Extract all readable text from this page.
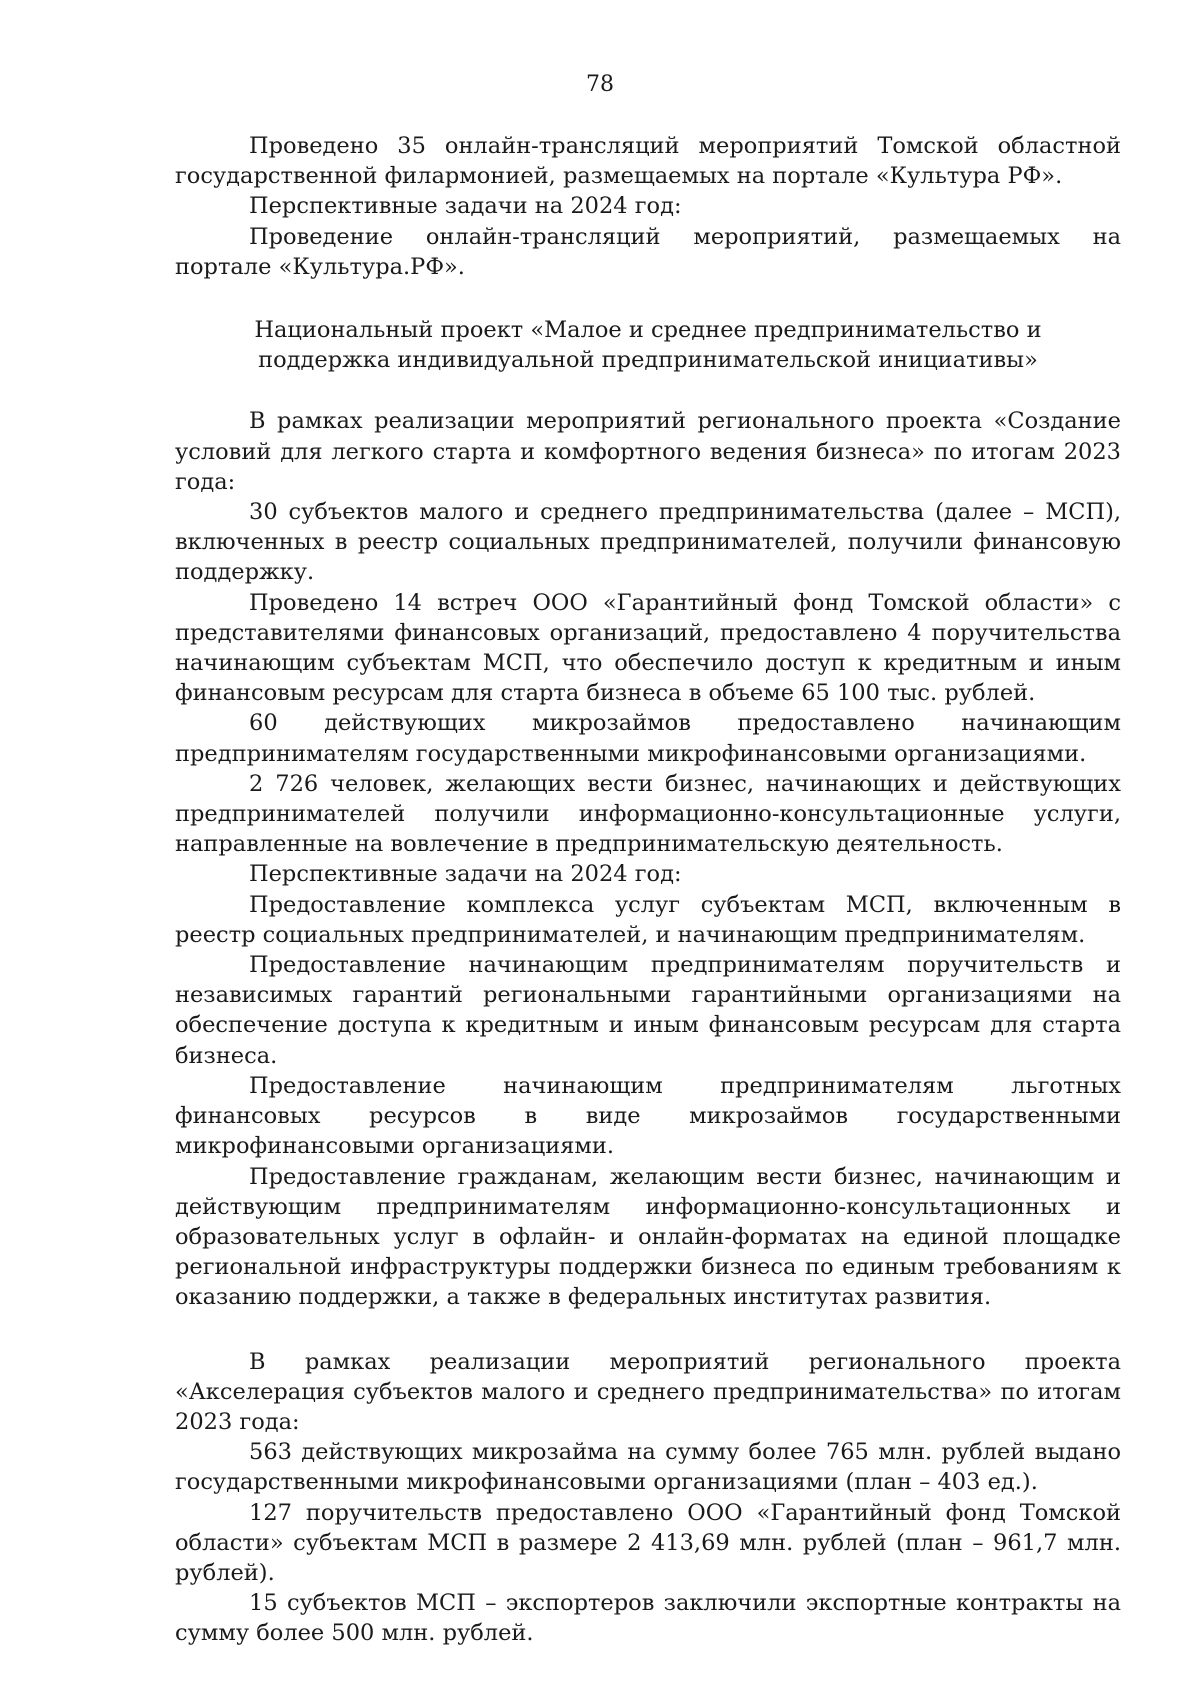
78

Проведено 35 онлайн-трансляций мероприятий Томской областной государственной филармонией, размещаемых на портале «Культура РФ».

Перспективные задачи на 2024 год:

Проведение онлайн-трансляций мероприятий, размещаемых на портале «Культура.РФ».

Национальный проект «Малое и среднее предпринимательство и поддержка индивидуальной предпринимательской инициативы»

В рамках реализации мероприятий регионального проекта «Создание условий для легкого старта и комфортного ведения бизнеса» по итогам 2023 года:

30 субъектов малого и среднего предпринимательства (далее – МСП), включенных в реестр социальных предпринимателей, получили финансовую поддержку.

Проведено 14 встреч ООО «Гарантийный фонд Томской области» с представителями финансовых организаций, предоставлено 4 поручительства начинающим субъектам МСП, что обеспечило доступ к кредитным и иным финансовым ресурсам для старта бизнеса в объеме 65 100 тыс. рублей.

60 действующих микрозаймов предоставлено начинающим предпринимателям государственными микрофинансовыми организациями.

2 726 человек, желающих вести бизнес, начинающих и действующих предпринимателей получили информационно-консультационные услуги, направленные на вовлечение в предпринимательскую деятельность.

Перспективные задачи на 2024 год:

Предоставление комплекса услуг субъектам МСП, включенным в реестр социальных предпринимателей, и начинающим предпринимателям.

Предоставление начинающим предпринимателям поручительств и независимых гарантий региональными гарантийными организациями на обеспечение доступа к кредитным и иным финансовым ресурсам для старта бизнеса.

Предоставление начинающим предпринимателям льготных финансовых ресурсов в виде микрозаймов государственными микрофинансовыми организациями.

Предоставление гражданам, желающим вести бизнес, начинающим и действующим предпринимателям информационно-консультационных и образовательных услуг в офлайн- и онлайн-форматах на единой площадке региональной инфраструктуры поддержки бизнеса по единым требованиям к оказанию поддержки, а также в федеральных институтах развития.

В рамках реализации мероприятий регионального проекта «Акселерация субъектов малого и среднего предпринимательства» по итогам 2023 года:

563 действующих микрозайма на сумму более 765 млн. рублей выдано государственными микрофинансовыми организациями (план – 403 ед.).

127 поручительств предоставлено ООО «Гарантийный фонд Томской области» субъектам МСП в размере 2 413,69 млн. рублей (план – 961,7 млн. рублей).

15 субъектов МСП – экспортеров заключили экспортные контракты на сумму более 500 млн. рублей.
